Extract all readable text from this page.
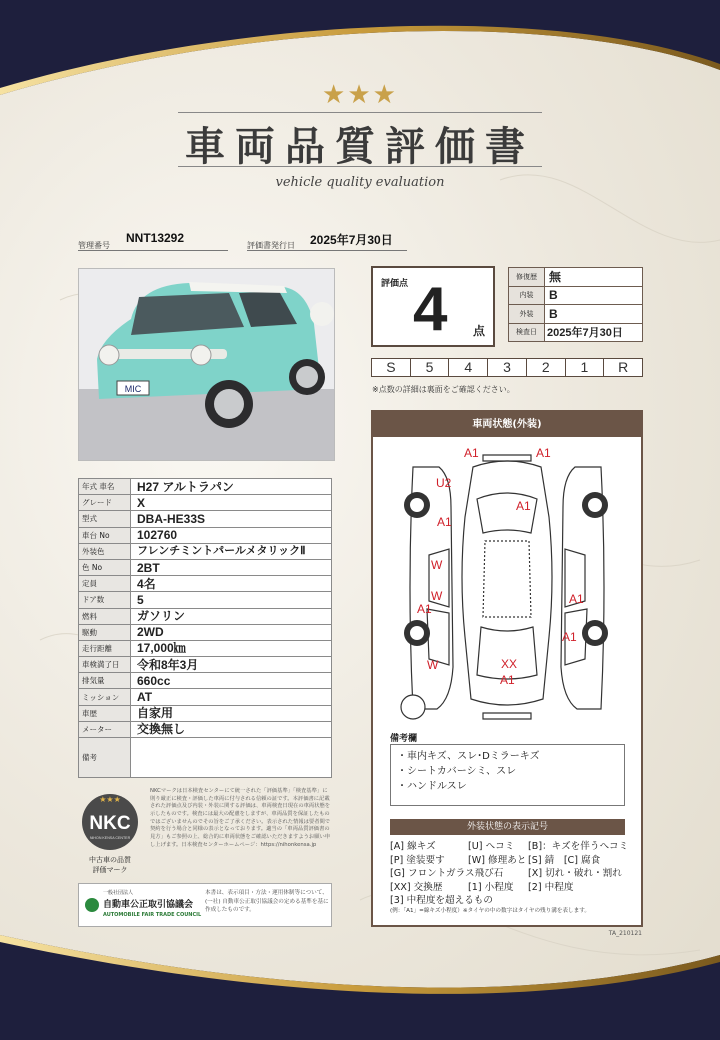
★★★
車両品質評価書
vehicle quality evaluation
管理番号
NNT13292
評価書発行日 2025年7月30日
MIC
年式 車名	H27 アルトラパン
グレード	X
型式	DBA-HE33S
車台 No	102760
外装色	フレンチミントパールメタリックⅡ
色 No	2BT
定員	4名
ドア数	5
燃料	ガソリン
駆動	2WD
走行距離	17,000㎞
車検満了日	令和8年3月
排気量	660cc
ミッション	AT
車歴	自家用
メーター	交換無し
備考	
★★★
NKC
NIHON KENSA CENTER
中古車の品質
評価マーク
NKCマークは日本検査センターにて統一された「評価基準」「検査基準」に則り厳正に検査・評価した車両に付与される信頼の証です。本評価書に記載された評価点及び内装・外装に関する評価は、車両検査日現在の車両状態を示したものです。検査には最大の配慮をしますが、車両品質を保証したものではございませんのでその旨をご了承ください。表示された情報は要者間で契約を行う場合と同様の表示となっております。適当の「車両品質評価書の見方」もご参照の上、総合的に車両状態をご確認いただきますようお願い申し上げます。日本検査センターホームページ：https://nihonkensa.jp
一般社団法人
自動車公正取引協議会
AUTOMOBILE FAIR TRADE COUNCIL
本書は、表示項目・方法・運用体制等について、(一社) 自動車公正取引協議会の定める基準を基に作成したものです。
評価点 4 点
修復歴	無
内装	B
外装	B
検査日	2025年7月30日
S	5	4	3	2	1	R
※点数の詳細は裏面をご確認ください。
車両状態(外装)
A1	A1
U2
A1
A1
W
W
A1
A1
A1
W	XX
A1
備考欄
・車内キズ、スレ･Dミラーキズ
・シートカバーシミ、スレ
・ハンドルスレ
外装状態の表示記号
[A] 線キズ	[U] へコミ	[B]：キズを伴うへコミ
[P] 塗装要す	[W] 修理あと [S] 錆　[C] 腐食
[G] フロントガラス飛び石	[X] 切れ・破れ・割れ
[XX] 交換歴	[1] 小程度	[2] 中程度
[3] 中程度を超えるもの
(例：「A1」=線キズ小程度）※タイヤの中の数字はタイヤの残り溝を表します。
TA_210121
